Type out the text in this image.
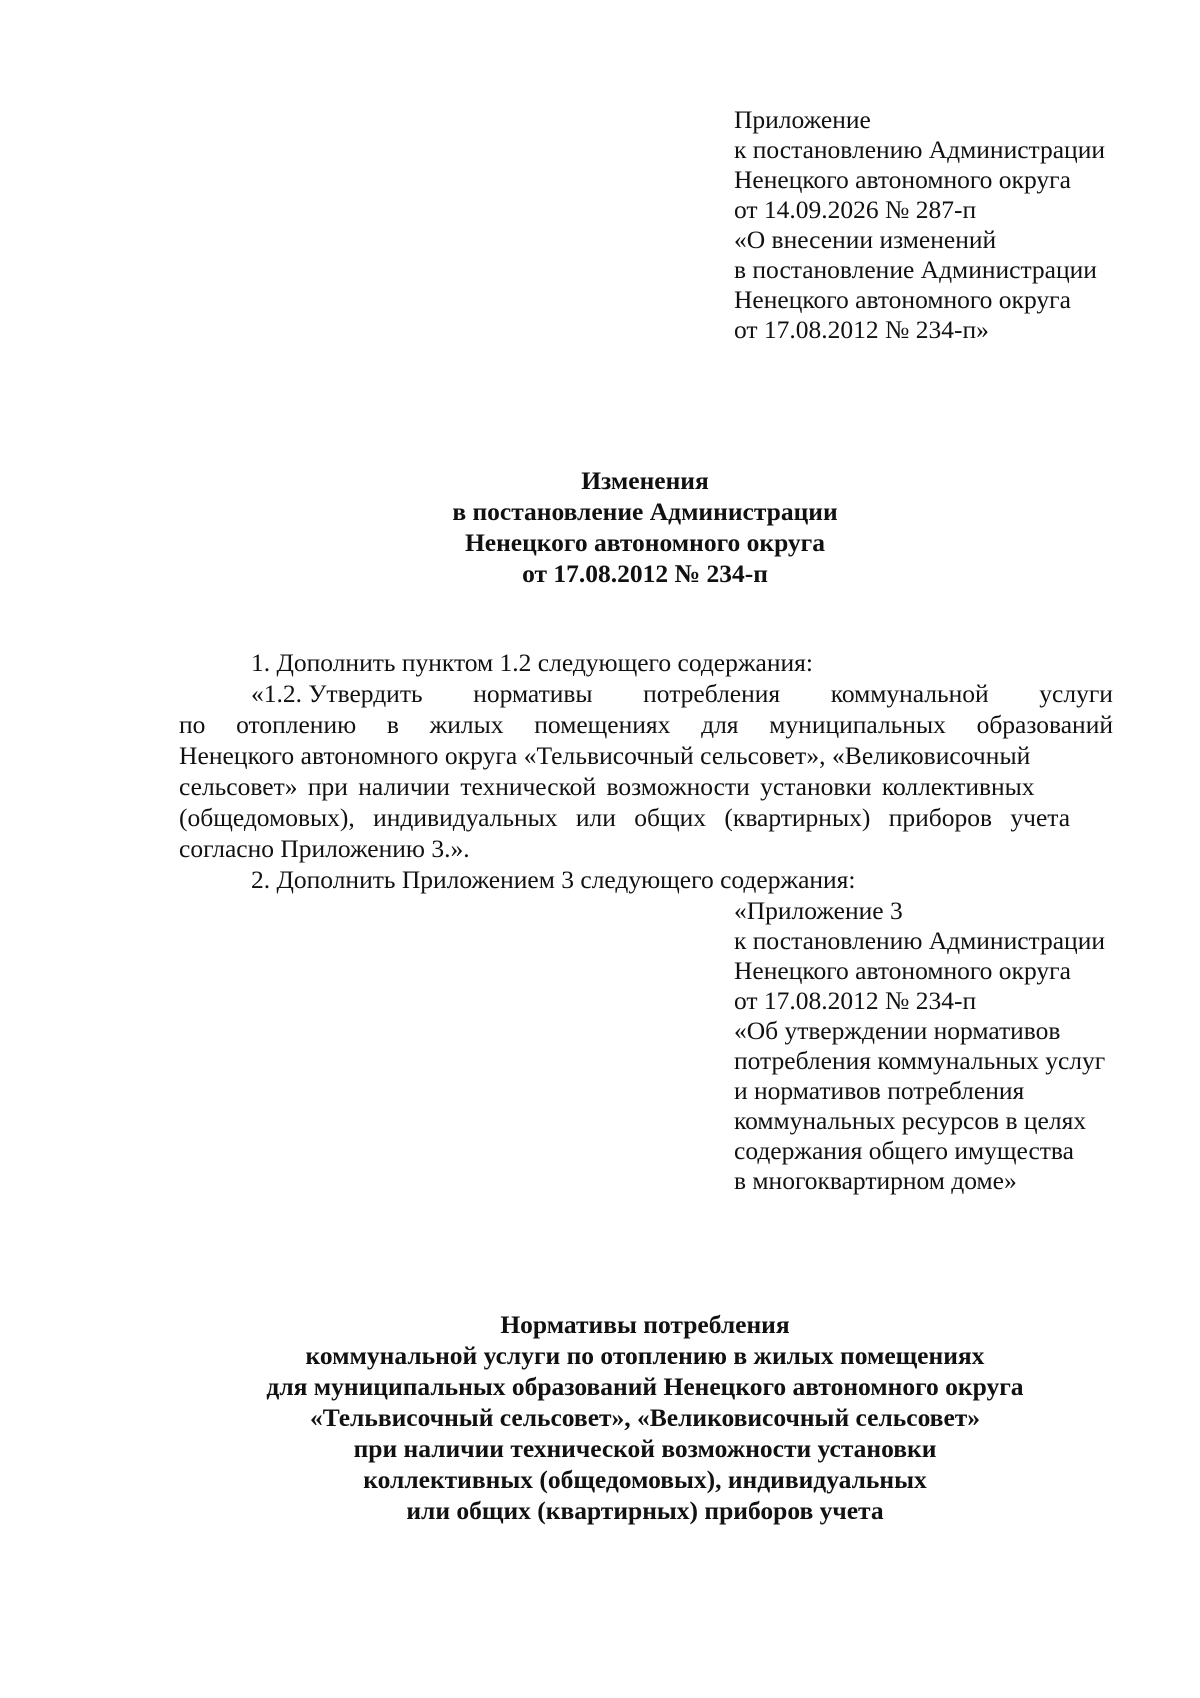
Приложение
к постановлению Администрации
Ненецкого автономного округа
от 14.09.2026 № 287-п
«О внесении изменений
в постановление Администрации
Ненецкого автономного округа
от 17.08.2012 № 234-п»
Изменения
в постановление Администрации
Ненецкого автономного округа
от 17.08.2012 № 234-п
1. Дополнить пунктом 1.2 следующего содержания:
«1.2. Утвердить нормативы потребления коммунальной услуги
по отоплению в жилых помещениях для муниципальных образований
Ненецкого автономного округа «Тельвисочный сельсовет», «Великовисочный
сельсовет» при наличии технической возможности установки коллективных
(общедомовых), индивидуальных или общих (квартирных) приборов учета
согласно Приложению 3.».
2. Дополнить Приложением 3 следующего содержания:
«Приложение 3
к постановлению Администрации
Ненецкого автономного округа
от 17.08.2012 № 234-п
«Об утверждении нормативов
потребления коммунальных услуг
и нормативов потребления
коммунальных ресурсов в целях
содержания общего имущества
в многоквартирном доме»
Нормативы потребления
коммунальной услуги по отоплению в жилых помещениях
для муниципальных образований Ненецкого автономного округа
«Тельвисочный сельсовет», «Великовисочный сельсовет»
при наличии технической возможности установки
коллективных (общедомовых), индивидуальных
или общих (квартирных) приборов учета
